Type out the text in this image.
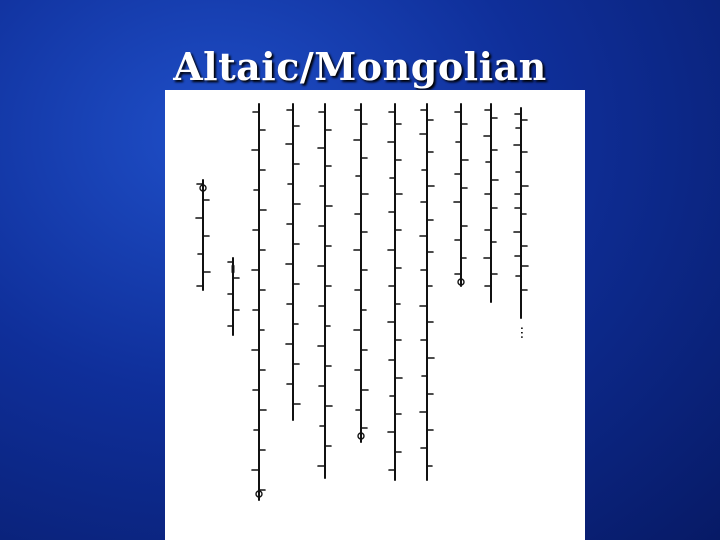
Altaic/Mongolian
...
